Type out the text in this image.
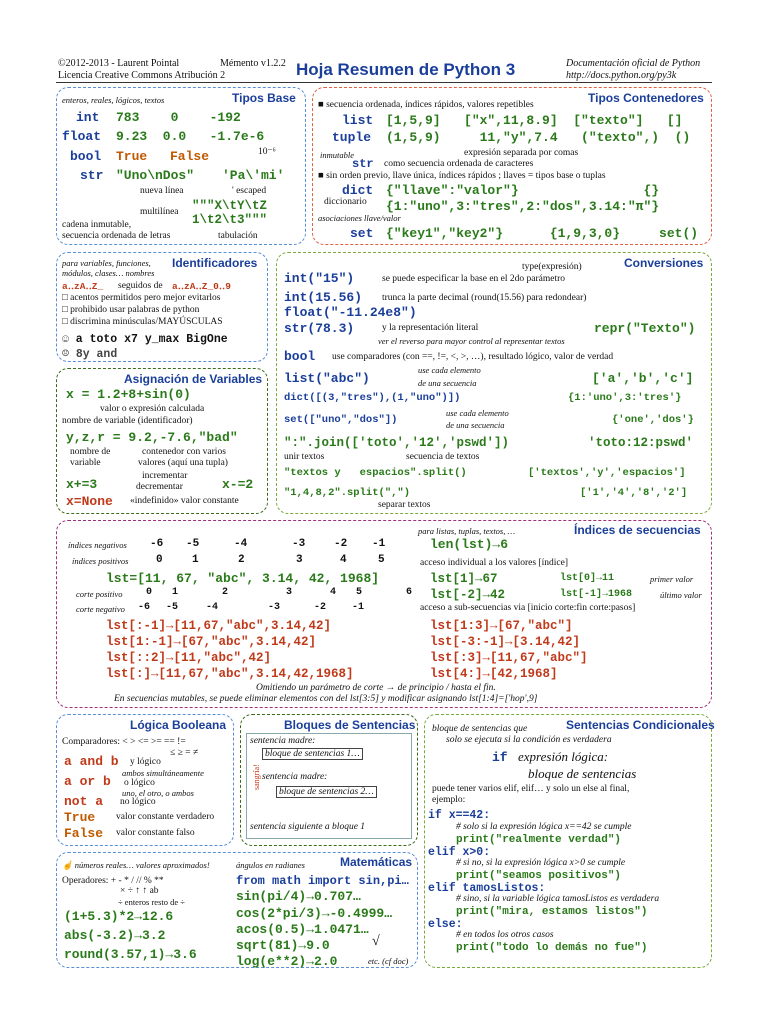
©2012-2013 - Laurent Pointal
Licencia Creative Commons Atribución 2
Mémento v1.2.2 Hoja Resumen de Python 3	Documentación oficial de Python
http://docs.python.org/py3k
Tipos Base
enteros, reales, lógicos, textos
int 783    0    -192
float 9.23  0.0   -1.7e-6
10⁻⁶
bool True False
str "Uno\nDos" 'Pa\'mi'
nueva línea	' escaped
"""X\tY\tZ
multilínea
1\t2\t3"""
cadena inmutable,
secuencia ordenada de letras	tabulación
Tipos Contenedores
■ secuencia ordenada, índices rápidos, valores repetibles
list [1,5,9]   ["x",11,8.9]  ["texto"]   []
tuple (1,5,9)     11,"y",7.4   ("texto",)  ()
inmutable	expresión separada por comas
str como secuencia ordenada de caracteres
■ sin orden previo, llave única, índices rápidos ; llaves = tipos base o tuplas
dict {"llave":"valor"}                {}
diccionario {1:"uno",3:"tres",2:"dos",3.14:"π"}
asociaciones llave/valor
set {"key1","key2"}      {1,9,3,0}     set()
Identificadores
para variables, funciones,
módulos, clases… nombres
a‥zA‥Z_ seguidos de a‥zA‥Z_0‥9
□ acentos permitidos pero mejor evitarlos
□ prohibido usar palabras de python
□ discrimina minúsculas/MAYÚSCULAS
☺ a toto x7 y_max BigOne
☹ 8y and
Asignación de Variables
x = 1.2+8+sin(0)
valor o expresión calculada
nombre de variable (identificador)
y,z,r = 9.2,-7.6,"bad"
nombre de
variable
contenedor con varios
valores (aquí una tupla)
incrementar
x+=3	x-=2
decrementar
x=None «indefinido» valor constante
Conversiones
type(expresión)
int("15")	se puede especificar la base en el 2do parámetro
int(15.56) trunca la parte decimal (round(15.56) para redondear)
float("-11.24e8")
str(78.3)	y la representación literal	repr("Texto")
ver el reverso para mayor control al representar textos
bool use comparadores (con ==, !=, <, >, …), resultado lógico, valor de verdad
list("abc")
use cada elemento
de una secuencia	['a','b','c']
dict([(3,"tres"),(1,"uno")])	{1:'uno',3:'tres'}
set(["uno","dos"])
use cada elemento
de una secuencia	{'one','dos'}
":".join(['toto','12','pswd'])	'toto:12:pswd'
unir textos	secuencia de textos
"textos y   espacios".split()	['textos','y','espacios']
"1,4,8,2".split(",")	['1','4','8','2']
separar textos
Índices de secuencias
para listas, tuplas, textos, …
índices negativos -6 -5	-4	-3	-2 -1
índices positivos	0	1	2	3	4	5
lst=[11, 67, "abc", 3.14, 42, 1968]
corte positivo 0 1	2	3	4 5	6
corte negativo -6 -5	-4	-3	-2	-1
len(lst)→6
acceso individual a los valores [índice]
lst[1]→67	lst[0]→11	primer valor
lst[-2]→42	lst[-1]→1968	último valor
acceso a sub-secuencias via [inicio corte:fin corte:pasos]
lst[:-1]→[11,67,"abc",3.14,42]	lst[1:3]→[67,"abc"]
lst[1:-1]→[67,"abc",3.14,42]	lst[-3:-1]→[3.14,42]
lst[::2]→[11,"abc",42]	lst[:3]→[11,67,"abc"]
lst[:]→[11,67,"abc",3.14,42,1968]	lst[4:]→[42,1968]
Omitiendo un parámetro de corte → de principio / hasta el fin.
En secuencias mutables, se puede eliminar elementos con del lst[3:5] y modificar asignando lst[1:4]=['hop',9]
Lógica Booleana
Comparadores: < > <= >= == !=
≤ ≥ = ≠
a and b y lógico
ambos simultáneamente
a or b o lógico
uno, el otro, o ambos
not a no lógico
True valor constante verdadero
False valor constante falso
Bloques de Sentencias
sentencia madre:
bloque de sentencias 1…
sentencia madre:
bloque de sentencias 2…
sangría!
sentencia siguiente a bloque 1
Matemáticas
☝ números reales… valores aproximados!	ángulos en radianes
Operadores: + - * / // % **
× ÷ ↑ ↑ ab
÷ enteros resto de ÷
(1+5.3)*2→12.6
abs(-3.2)→3.2
round(3.57,1)→3.6
from math import sin,pi…
sin(pi/4)→0.707…
cos(2*pi/3)→-0.4999…
acos(0.5)→1.0471…
sqrt(81)→9.0	√
log(e**2)→2.0	etc. (cf doc)
Sentencias Condicionales
bloque de sentencias que
solo se ejecuta si la condición es verdadera
if expresión lógica:
bloque de sentencias
puede tener varios elif, elif… y solo un else al final,
ejemplo:
if x==42:
# solo si la expresión lógica x==42 se cumple
print("realmente verdad")
elif x>0:
# si no, si la expresión lógica x>0 se cumple
print("seamos positivos")
elif tamosListos:
# sino, si la variable lógica tamosListos es verdadera
print("mira, estamos listos")
else:
# en todos los otros casos
print("todo lo demás no fue")
